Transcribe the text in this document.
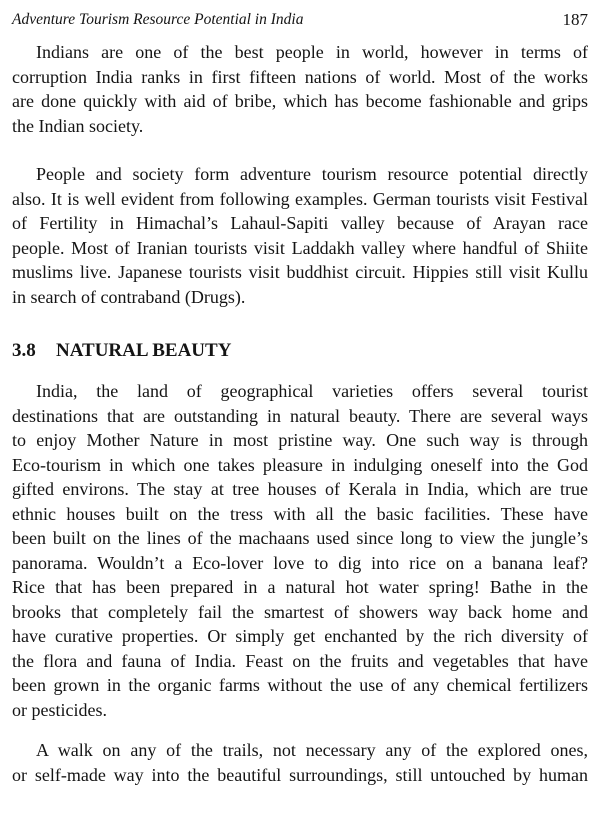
Adventure Tourism Resource Potential in India	187
Indians are one of the best people in world, however in terms of
corruption India ranks in first fifteen nations of world. Most of the works
are done quickly with aid of bribe, which has become fashionable and grips
the Indian society.
People and society form adventure tourism resource potential directly
also. It is well evident from following examples. German tourists visit Festival
of Fertility in Himachal’s Lahaul-Sapiti valley because of Arayan race
people. Most of Iranian tourists visit Laddakh valley where handful of Shiite
muslims live. Japanese tourists visit buddhist circuit. Hippies still visit Kullu
in search of contraband (Drugs).
3.8 NATURAL BEAUTY
India, the land of geographical varieties offers several tourist
destinations that are outstanding in natural beauty. There are several ways
to enjoy Mother Nature in most pristine way. One such way is through
Eco-tourism in which one takes pleasure in indulging oneself into the God
gifted environs. The stay at tree houses of Kerala in India, which are true
ethnic houses built on the tress with all the basic facilities. These have
been built on the lines of the machaans used since long to view the jungle’s
panorama. Wouldn’t a Eco-lover love to dig into rice on a banana leaf?
Rice that has been prepared in a natural hot water spring! Bathe in the
brooks that completely fail the smartest of showers way back home and
have curative properties. Or simply get enchanted by the rich diversity of
the flora and fauna of India. Feast on the fruits and vegetables that have
been grown in the organic farms without the use of any chemical fertilizers
or pesticides.
A walk on any of the trails, not necessary any of the explored ones,
or self-made way into the beautiful surroundings, still untouched by human
